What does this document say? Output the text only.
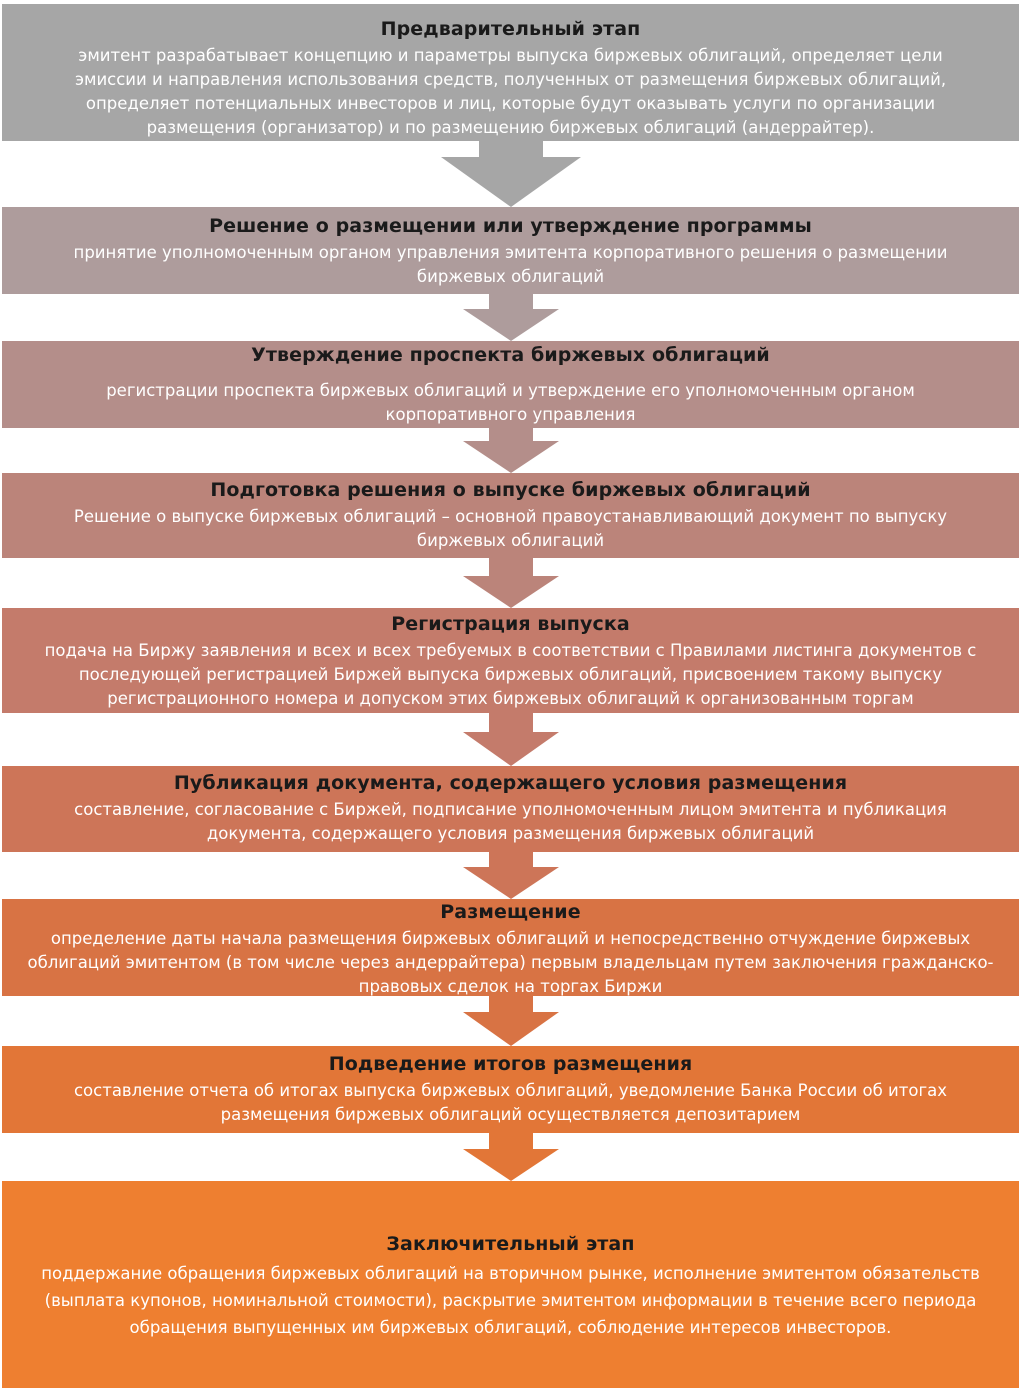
Предварительный этап
эмитент разрабатывает концепцию и параметры выпуска биржевых облигаций, определяет цели эмиссии и направления использования средств, полученных от размещения биржевых облигаций, определяет потенциальных инвесторов и лиц, которые будут оказывать услуги по организации размещения (организатор) и по размещению биржевых облигаций (андеррайтер).
Решение о размещении или утверждение программы
принятие уполномоченным органом управления эмитента корпоративного решения о размещении биржевых облигаций
Утверждение проспекта биржевых облигаций
регистрации проспекта биржевых облигаций и утверждение его уполномоченным органом корпоративного управления
Подготовка решения о выпуске биржевых облигаций
Решение о выпуске биржевых облигаций – основной правоустанавливающий документ по выпуску биржевых облигаций
Регистрация выпуска
подача на Биржу заявления и всех и всех требуемых в соответствии с Правилами листинга документов с последующей регистрацией Биржей выпуска биржевых облигаций, присвоением такому выпуску регистрационного номера и допуском этих биржевых облигаций к организованным торгам
Публикация документа, содержащего условия размещения
составление, согласование с Биржей, подписание уполномоченным лицом эмитента и публикация документа, содержащего условия размещения биржевых облигаций
Размещение
определение даты начала размещения биржевых облигаций и непосредственно отчуждение биржевых облигаций эмитентом (в том числе через андеррайтера) первым владельцам путем заключения гражданско-правовых сделок на торгах Биржи
Подведение итогов размещения
составление отчета об итогах выпуска биржевых облигаций, уведомление Банка России об итогах размещения биржевых облигаций осуществляется депозитарием
Заключительный этап
поддержание обращения биржевых облигаций на вторичном рынке, исполнение эмитентом обязательств (выплата купонов, номинальной стоимости), раскрытие эмитентом информации в течение всего периода обращения выпущенных им биржевых облигаций, соблюдение интересов инвесторов.
